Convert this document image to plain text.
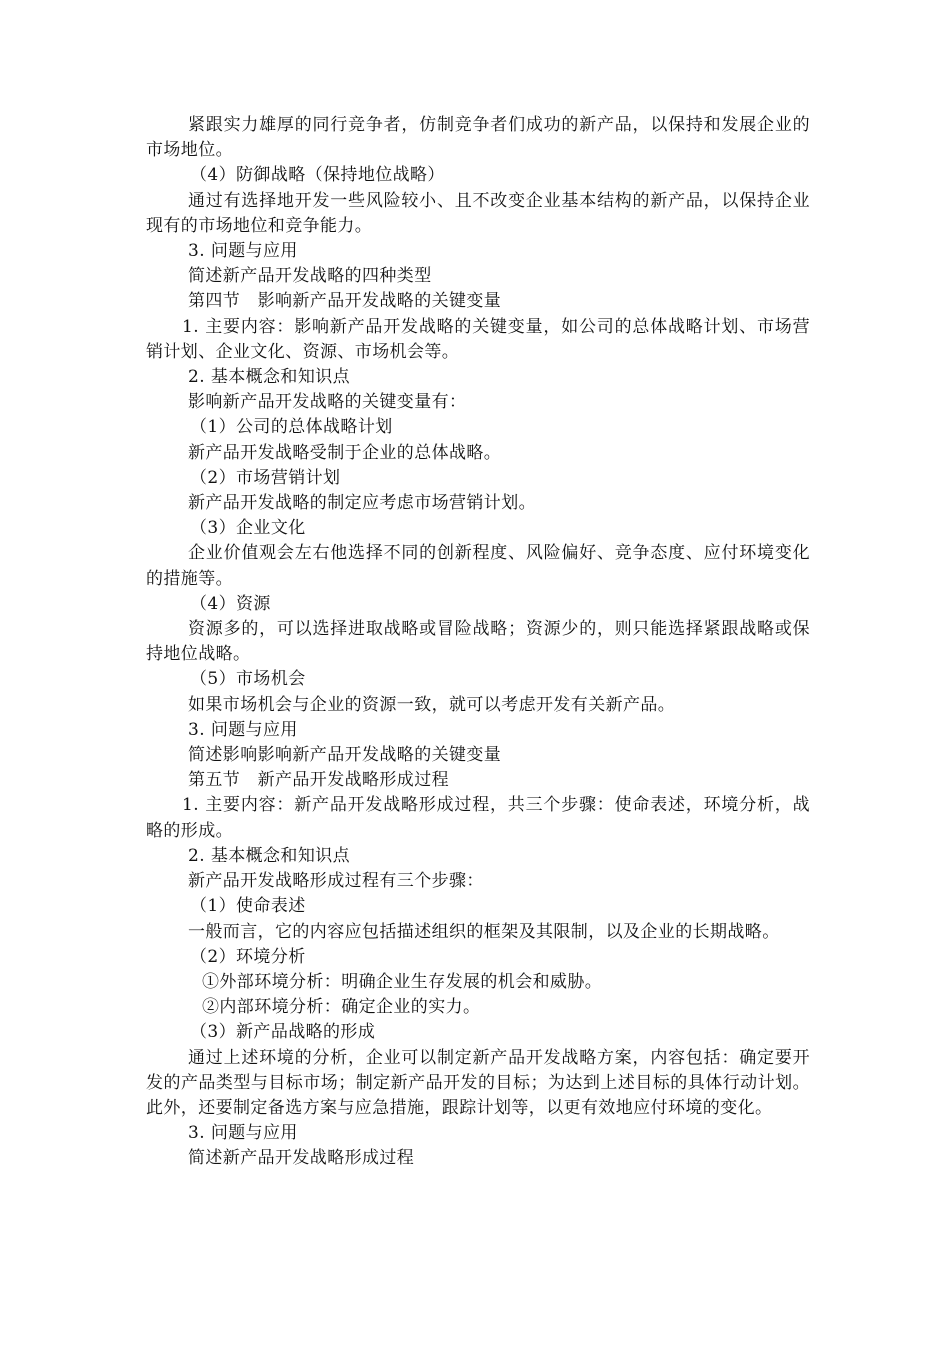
紧跟实力雄厚的同行竞争者，仿制竞争者们成功的新产品，以保持和发展企业的市场地位。

（4）防御战略（保持地位战略）

通过有选择地开发一些风险较小、且不改变企业基本结构的新产品，以保持企业现有的市场地位和竞争能力。

3. 问题与应用

简述新产品开发战略的四种类型

第四节　影响新产品开发战略的关键变量

1. 主要内容：影响新产品开发战略的关键变量，如公司的总体战略计划、市场营销计划、企业文化、资源、市场机会等。

2. 基本概念和知识点

影响新产品开发战略的关键变量有：

（1）公司的总体战略计划

新产品开发战略受制于企业的总体战略。

（2）市场营销计划

新产品开发战略的制定应考虑市场营销计划。

（3）企业文化

企业价值观会左右他选择不同的创新程度、风险偏好、竞争态度、应付环境变化的措施等。

（4）资源

资源多的，可以选择进取战略或冒险战略；资源少的，则只能选择紧跟战略或保持地位战略。

（5）市场机会

如果市场机会与企业的资源一致，就可以考虑开发有关新产品。

3. 问题与应用

简述影响影响新产品开发战略的关键变量

第五节　新产品开发战略形成过程

1. 主要内容：新产品开发战略形成过程，共三个步骤：使命表述，环境分析，战略的形成。

2. 基本概念和知识点

新产品开发战略形成过程有三个步骤：

（1）使命表述

一般而言，它的内容应包括描述组织的框架及其限制，以及企业的长期战略。

（2）环境分析

①外部环境分析：明确企业生存发展的机会和威胁。

②内部环境分析：确定企业的实力。

（3）新产品战略的形成

通过上述环境的分析，企业可以制定新产品开发战略方案，内容包括：确定要开发的产品类型与目标市场；制定新产品开发的目标；为达到上述目标的具体行动计划。此外，还要制定备选方案与应急措施，跟踪计划等，以更有效地应付环境的变化。

3. 问题与应用

简述新产品开发战略形成过程
